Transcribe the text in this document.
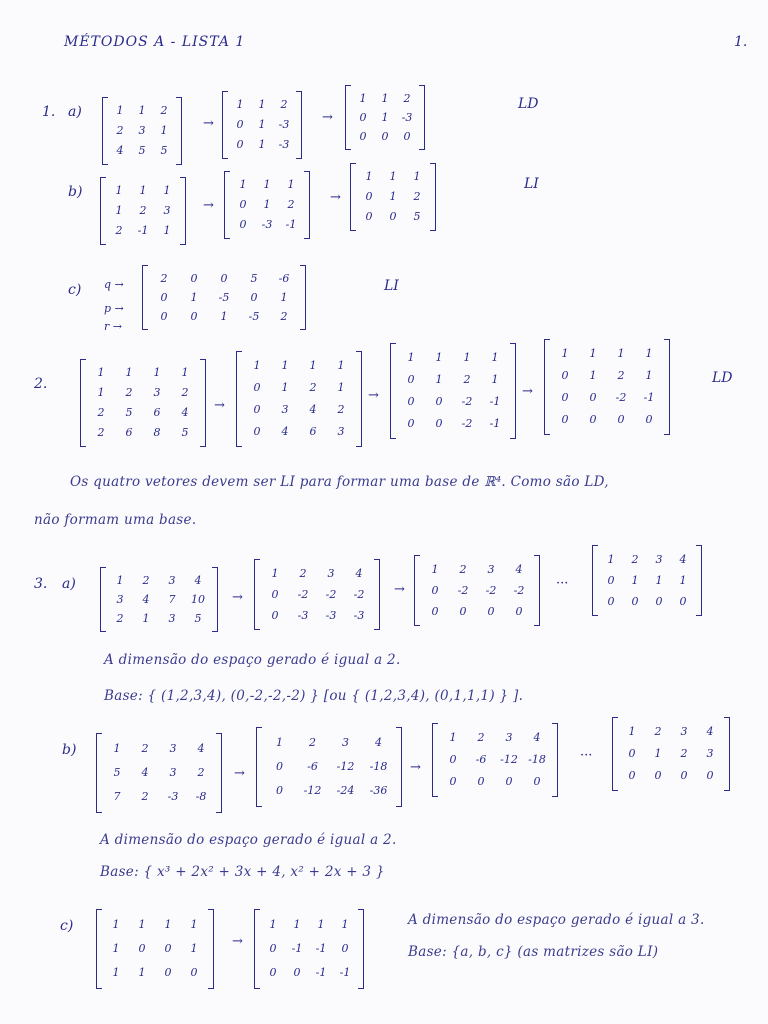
MÉTODOS A - LISTA 1	1.
1. a)	1	1	2
2	3	1
4	5	5
→
1	1	2
0	1	-3
0	1	-3
→
1	1	2
0	1	-3
0	0	0
LD
b)	1	1	1
1	2	3
2	-1	1
→
1	1	1
0	1	2
0	-3	-1
→
1	1	1
0	1	2
0	0	5
LI
c) q →
p →
r →
2	0	0	5	-6
0	1	-5	0	1
0	0	1	-5	2
LI
2.
1	1	1	1
1	2	3	2
2	5	6	4
2	6	8	5
→
1	1	1	1
0	1	2	1
0	3	4	2
0	4	6	3
→
1	1	1	1
0	1	2	1
0	0	-2	-1
0	0	-2	-1
→
1	1	1	1
0	1	2	1
0	0	-2	-1
0	0	0	0
LD
Os quatro vetores devem ser LI para formar uma base de ℝ⁴. Como são LD,
não formam uma base.
3. a)	1	2	3	4
3	4	7	10
2	1	3	5
→
1	2	3	4
0	-2	-2	-2
0	-3	-3	-3
→
1	2	3	4
0	-2	-2	-2
0	0	0	0
···
1	2	3	4
0	1	1	1
0	0	0	0
A dimensão do espaço gerado é igual a 2.
Base: { (1,2,3,4), (0,-2,-2,-2) } [ou { (1,2,3,4), (0,1,1,1) } ].
b)	1	2	3	4
5	4	3	2
7	2	-3	-8
→
1	2	3	4
0	-6	-12	-18
0	-12	-24	-36
→
1	2	3	4
0	-6	-12 -18
0	0	0	0
···
1	2	3	4
0	1	2	3
0	0	0	0
A dimensão do espaço gerado é igual a 2.
Base: { x³ + 2x² + 3x + 4, x² + 2x + 3 }
c)	1	1	1	1
1	0	0	1
1	1	0	0
→
1	1	1	1
0	-1	-1	0
0	0	-1	-1
A dimensão do espaço gerado é igual a 3.
Base: {a, b, c} (as matrizes são LI)
